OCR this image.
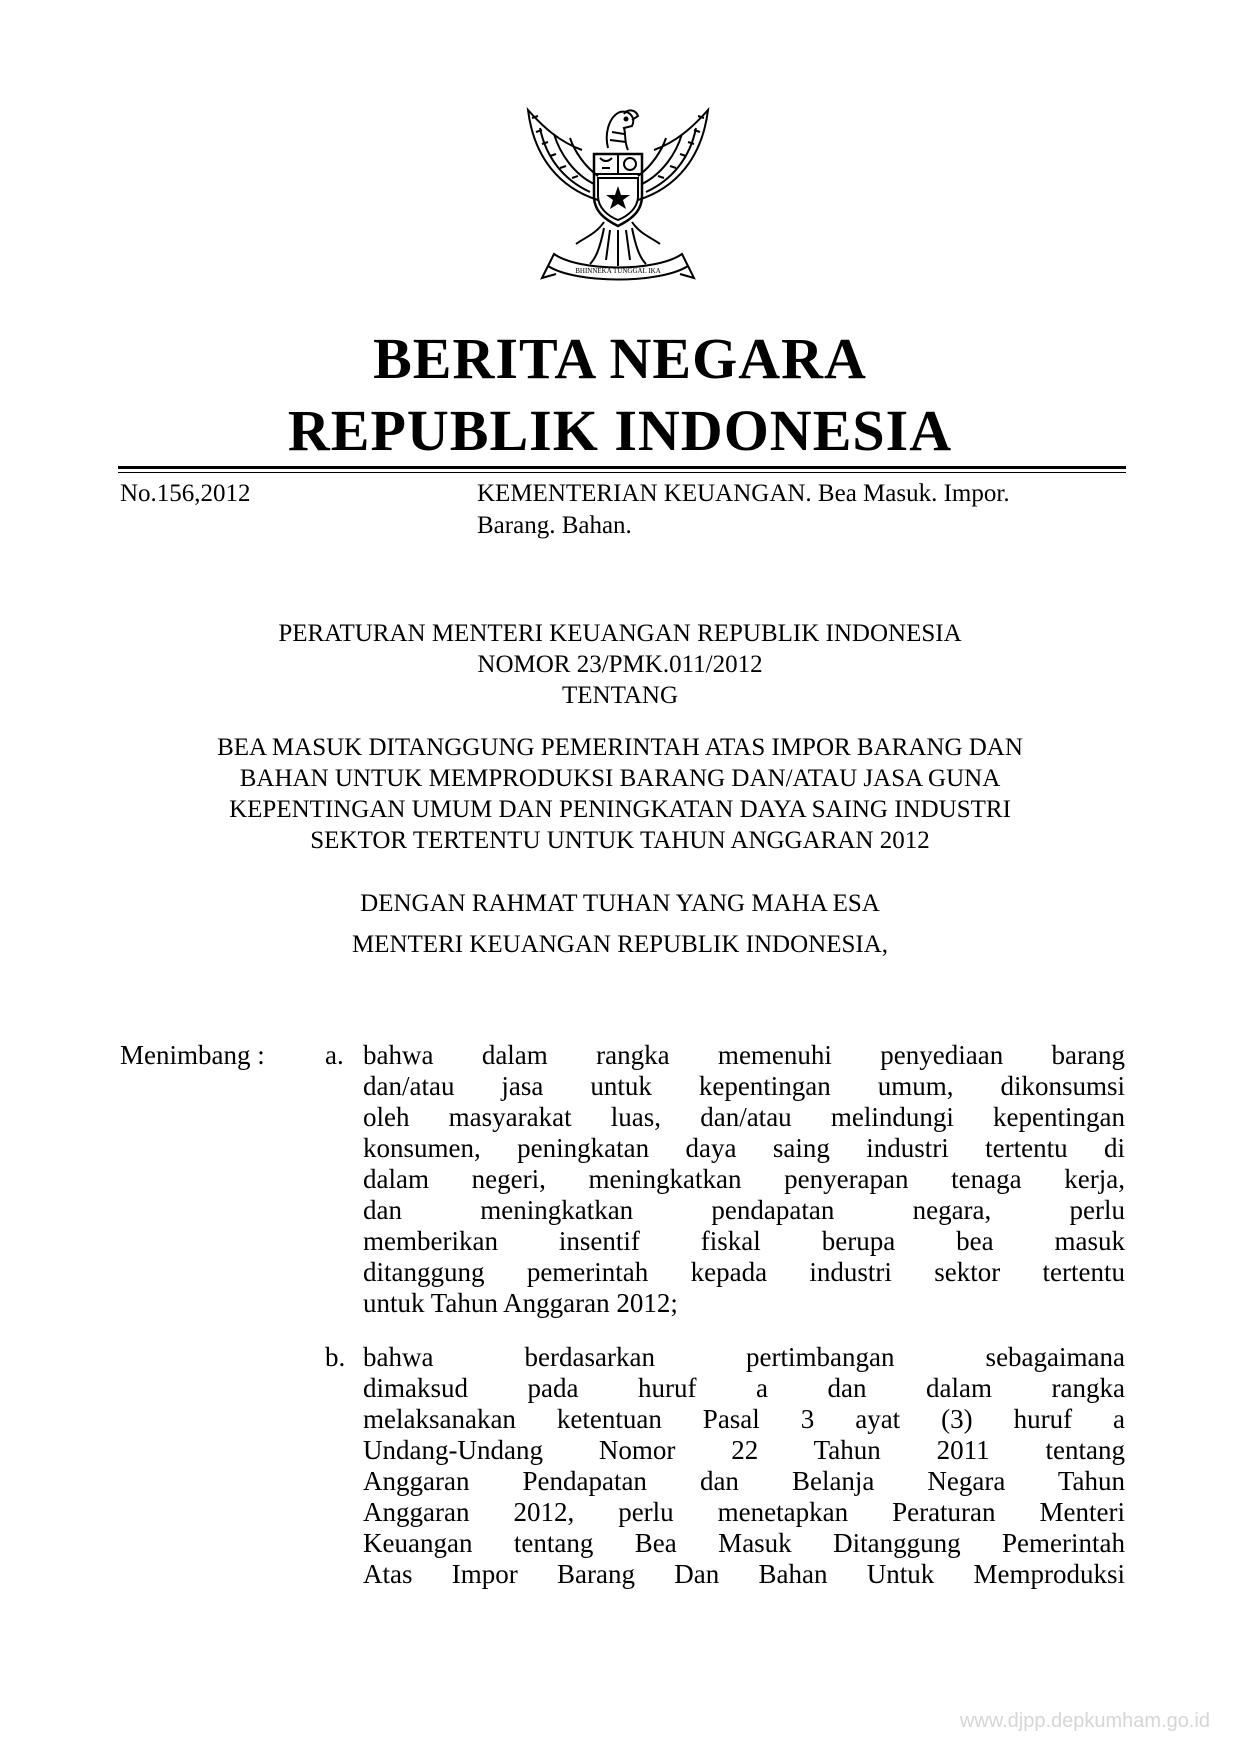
BHINNEKA TUNGGAL IKA
BERITA NEGARA
REPUBLIK INDONESIA
No.156,2012	KEMENTERIAN KEUANGAN. Bea Masuk. Impor.
Barang. Bahan.
PERATURAN MENTERI KEUANGAN REPUBLIK INDONESIA
NOMOR 23/PMK.011/2012
TENTANG
BEA MASUK DITANGGUNG PEMERINTAH ATAS IMPOR BARANG DAN
BAHAN UNTUK MEMPRODUKSI BARANG DAN/ATAU JASA GUNA
KEPENTINGAN UMUM DAN PENINGKATAN DAYA SAING INDUSTRI
SEKTOR TERTENTU UNTUK TAHUN ANGGARAN 2012
DENGAN RAHMAT TUHAN YANG MAHA ESA
MENTERI KEUANGAN REPUBLIK INDONESIA,
Menimbang : a. bahwa dalam rangka memenuhi penyediaan barang
dan/atau jasa untuk kepentingan umum, dikonsumsi
oleh masyarakat luas, dan/atau melindungi kepentingan
konsumen, peningkatan daya saing industri tertentu di
dalam negeri, meningkatkan penyerapan tenaga kerja,
dan meningkatkan pendapatan negara, perlu
memberikan insentif fiskal berupa bea masuk
ditanggung pemerintah kepada industri sektor tertentu
untuk Tahun Anggaran 2012;
b. bahwa berdasarkan pertimbangan sebagaimana
dimaksud pada huruf a dan dalam rangka
melaksanakan ketentuan Pasal 3 ayat (3) huruf a
Undang-Undang Nomor 22 Tahun 2011 tentang
Anggaran Pendapatan dan Belanja Negara Tahun
Anggaran 2012, perlu menetapkan Peraturan Menteri
Keuangan tentang Bea Masuk Ditanggung Pemerintah
Atas Impor Barang Dan Bahan Untuk Memproduksi
www.djpp.depkumham.go.id
